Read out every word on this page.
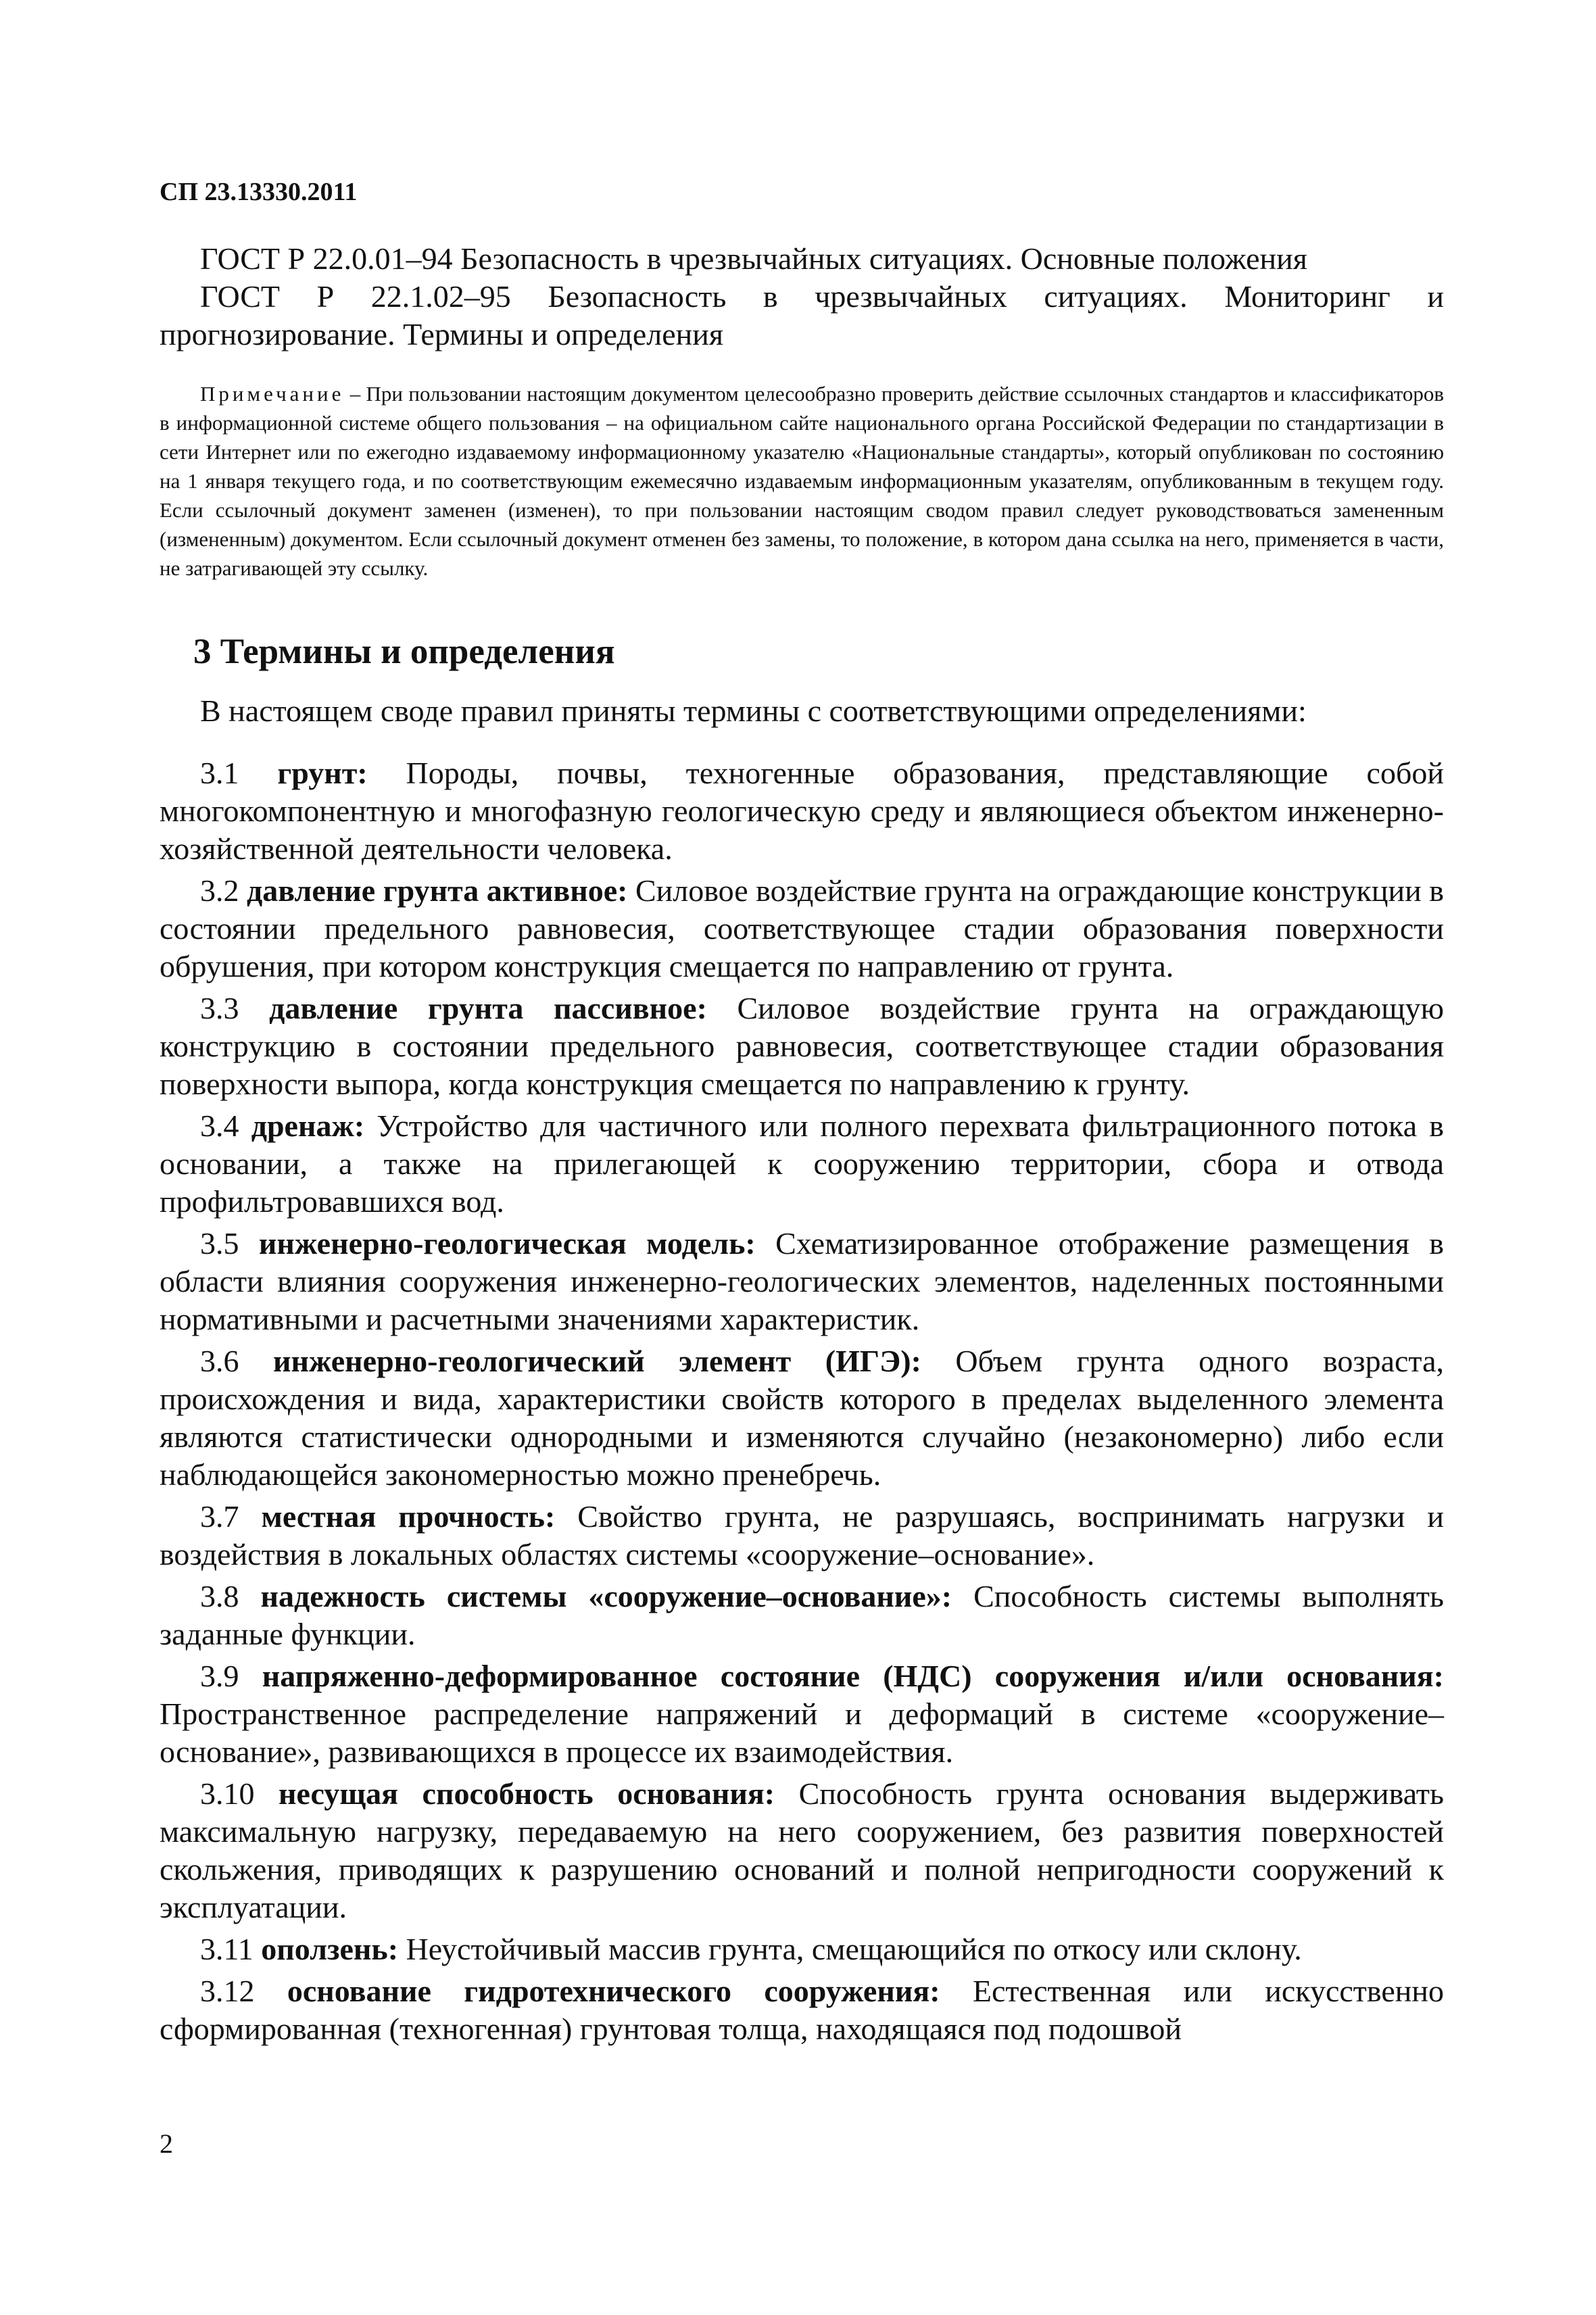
СП 23.13330.2011

ГОСТ Р 22.0.01–94 Безопасность в чрезвычайных ситуациях. Основные положения

ГОСТ Р 22.1.02–95 Безопасность в чрезвычайных ситуациях. Мониторинг и прогнозирование. Термины и определения

Примечание – При пользовании настоящим документом целесообразно проверить действие ссылочных стандартов и классификаторов в информационной системе общего пользования – на официальном сайте национального органа Российской Федерации по стандартизации в сети Интернет или по ежегодно издаваемому информационному указателю «Национальные стандарты», который опубликован по состоянию на 1 января текущего года, и по соответствующим ежемесячно издаваемым информационным указателям, опубликованным в текущем году. Если ссылочный документ заменен (изменен), то при пользовании настоящим сводом правил следует руководствоваться замененным (измененным) документом. Если ссылочный документ отменен без замены, то положение, в котором дана ссылка на него, применяется в части, не затрагивающей эту ссылку.

3 Термины и определения

В настоящем своде правил приняты термины с соответствующими определениями:

3.1 грунт: Породы, почвы, техногенные образования, представляющие собой многокомпонентную и многофазную геологическую среду и являющиеся объектом инженерно-хозяйственной деятельности человека.

3.2 давление грунта активное: Силовое воздействие грунта на ограждающие конструкции в состоянии предельного равновесия, соответствующее стадии образования поверхности обрушения, при котором конструкция смещается по направлению от грунта.

3.3 давление грунта пассивное: Силовое воздействие грунта на ограждающую конструкцию в состоянии предельного равновесия, соответствующее стадии образования поверхности выпора, когда конструкция смещается по направлению к грунту.

3.4 дренаж: Устройство для частичного или полного перехвата фильтрационного потока в основании, а также на прилегающей к сооружению территории, сбора и отвода профильтровавшихся вод.

3.5 инженерно-геологическая модель: Схематизированное отображение размещения в области влияния сооружения инженерно-геологических элементов, наделенных постоянными нормативными и расчетными значениями характеристик.

3.6 инженерно-геологический элемент (ИГЭ): Объем грунта одного возраста, происхождения и вида, характеристики свойств которого в пределах выделенного элемента являются статистически однородными и изменяются случайно (незакономерно) либо если наблюдающейся закономерностью можно пренебречь.

3.7 местная прочность: Свойство грунта, не разрушаясь, воспринимать нагрузки и воздействия в локальных областях системы «сооружение–основание».

3.8 надежность системы «сооружение–основание»: Способность системы выполнять заданные функции.

3.9 напряженно-деформированное состояние (НДС) сооружения и/или основания: Пространственное распределение напряжений и деформаций в системе «сооружение–основание», развивающихся в процессе их взаимодействия.

3.10 несущая способность основания: Способность грунта основания выдерживать максимальную нагрузку, передаваемую на него сооружением, без развития поверхностей скольжения, приводящих к разрушению оснований и полной непригодности сооружений к эксплуатации.

3.11 оползень: Неустойчивый массив грунта, смещающийся по откосу или склону.

3.12 основание гидротехнического сооружения: Естественная или искусственно сформированная (техногенная) грунтовая толща, находящаяся под подошвой

2
